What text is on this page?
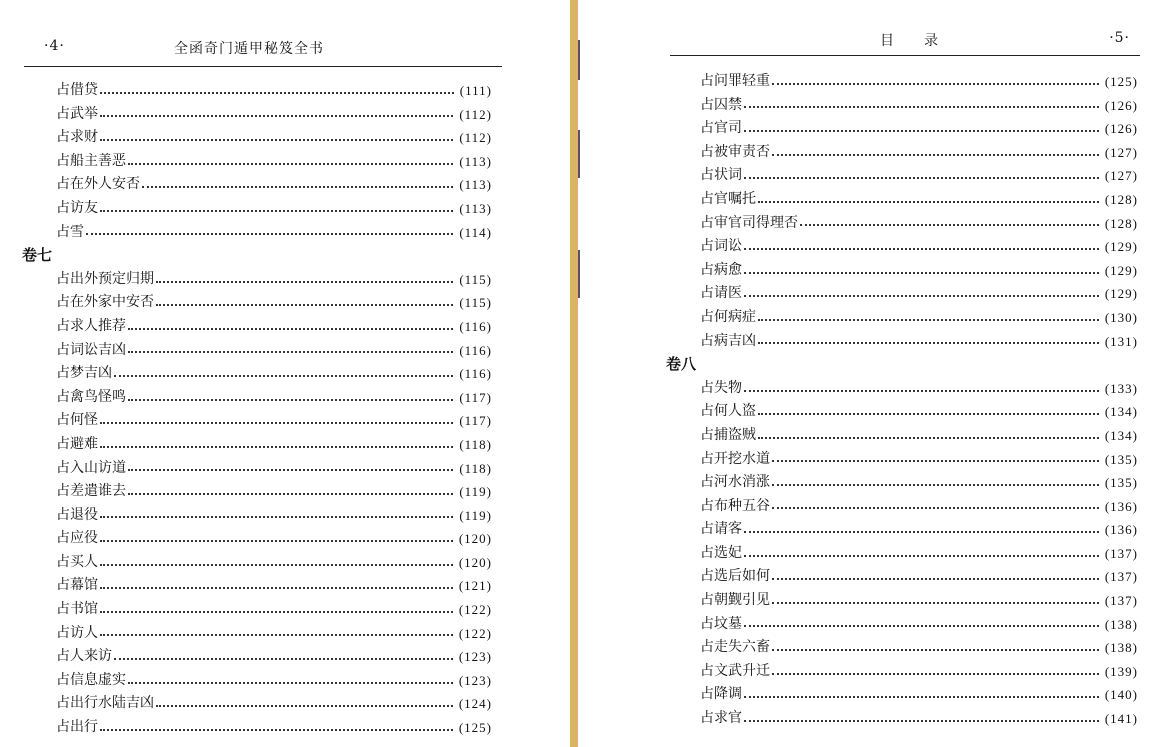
·4·	全函奇门遁甲秘笈全书
占借贷	(111)
占武举	(112)
占求财	(112)
占船主善恶	(113)
占在外人安否	(113)
占访友	(113)
占雪	(114)
卷七
占出外预定归期	(115)
占在外家中安否	(115)
占求人推荐	(116)
占词讼吉凶	(116)
占梦吉凶	(116)
占禽鸟怪鸣	(117)
占何怪	(117)
占避难	(118)
占入山访道	(118)
占差遣谁去	(119)
占退役	(119)
占应役	(120)
占买人	(120)
占幕馆	(121)
占书馆	(122)
占访人	(122)
占人来访	(123)
占信息虚实	(123)
占出行水陆吉凶	(124)
占出行	(125)
目录	·5·
占问罪轻重	(125)
占囚禁	(126)
占官司	(126)
占被审责否	(127)
占状词	(127)
占官嘱托	(128)
占审官司得理否	(128)
占词讼	(129)
占病愈	(129)
占请医	(129)
占何病症	(130)
占病吉凶	(131)
卷八
占失物	(133)
占何人盗	(134)
占捕盗贼	(134)
占开挖水道	(135)
占河水消涨	(135)
占布种五谷	(136)
占请客	(136)
占选妃	(137)
占选后如何	(137)
占朝觐引见	(137)
占坟墓	(138)
占走失六畜	(138)
占文武升迁	(139)
占降调	(140)
占求官	(141)
